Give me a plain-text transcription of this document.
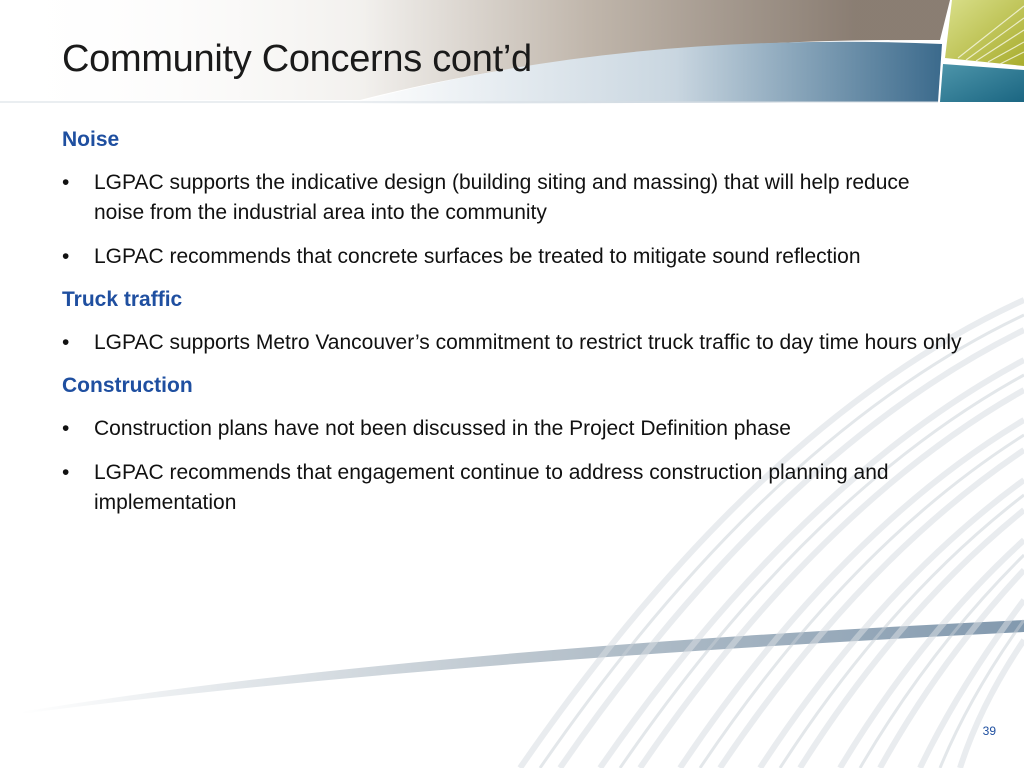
Community Concerns cont’d
Noise
• LGPAC supports the indicative design (building siting and massing) that will help reduce noise from the industrial area into the community
• LGPAC recommends that concrete surfaces be treated to mitigate sound reflection
Truck traffic
• LGPAC supports Metro Vancouver’s commitment to restrict truck traffic to day time hours only
Construction
• Construction plans have not been discussed in the Project Definition phase
• LGPAC recommends that engagement continue to address construction planning and implementation
39
